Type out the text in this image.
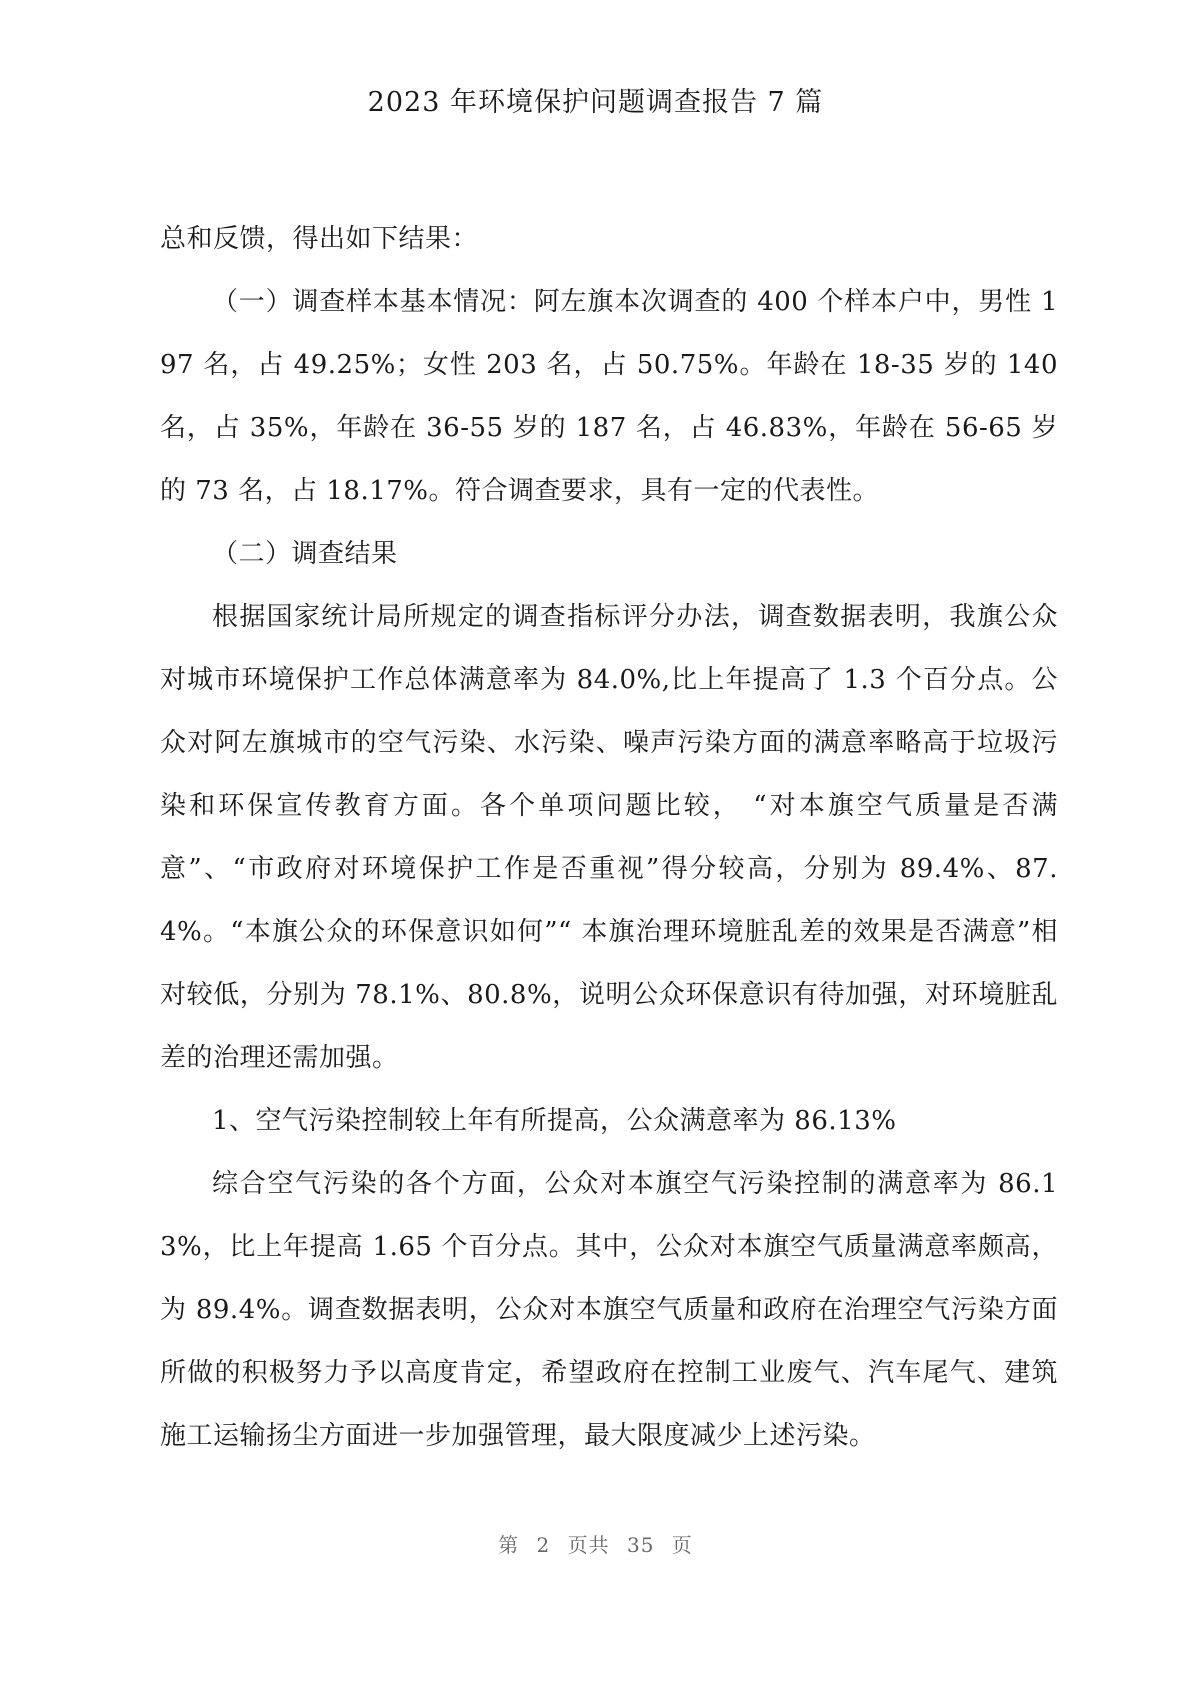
2023 年环境保护问题调查报告 7 篇

总和反馈，得出如下结果：

（一）调查样本基本情况：阿左旗本次调查的 400 个样本户中，男性 197 名，占 49.25%；女性 203 名，占 50.75%。年龄在 18-35 岁的 140 名，占 35%，年龄在 36-55 岁的 187 名，占 46.83%，年龄在 56-65 岁的 73 名，占 18.17%。符合调查要求，具有一定的代表性。

（二）调查结果

根据国家统计局所规定的调查指标评分办法，调查数据表明，我旗公众对城市环境保护工作总体满意率为 84.0%,比上年提高了 1.3 个百分点。公众对阿左旗城市的空气污染、水污染、噪声污染方面的满意率略高于垃圾污染和环保宣传教育方面。各个单项问题比较， “对本旗空气质量是否满意”、“市政府对环境保护工作是否重视”得分较高，分别为 89.4%、87.4%。“本旗公众的环保意识如何”“ 本旗治理环境脏乱差的效果是否满意”相对较低，分别为 78.1%、80.8%，说明公众环保意识有待加强，对环境脏乱差的治理还需加强。

1、空气污染控制较上年有所提高，公众满意率为 86.13%

综合空气污染的各个方面，公众对本旗空气污染控制的满意率为 86.13%，比上年提高 1.65 个百分点。其中，公众对本旗空气质量满意率颇高，为 89.4%。调查数据表明，公众对本旗空气质量和政府在治理空气污染方面所做的积极努力予以高度肯定，希望政府在控制工业废气、汽车尾气、建筑施工运输扬尘方面进一步加强管理，最大限度减少上述污染。

第 2 页共 35 页
